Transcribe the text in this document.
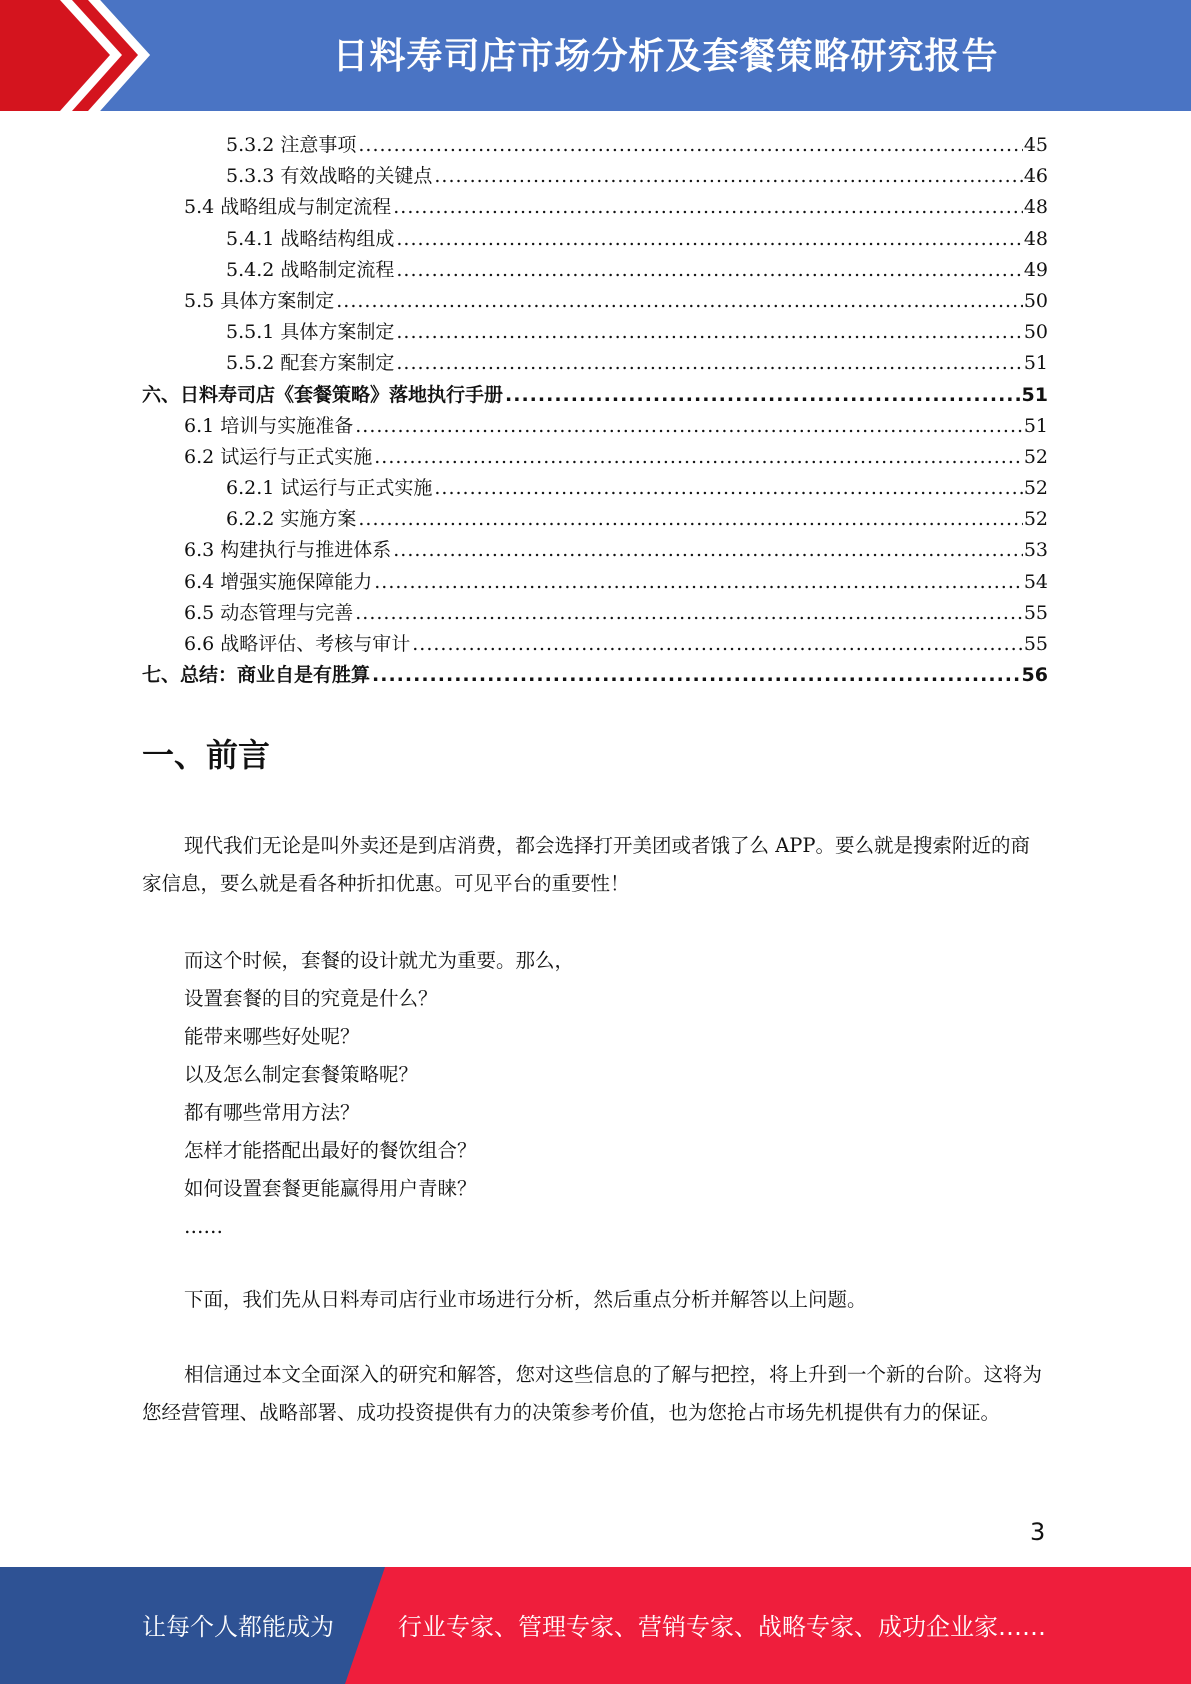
日料寿司店市场分析及套餐策略研究报告
5.3.2 注意事项 .....	45
5.3.3 有效战略的关键点 .....	46
5.4 战略组成与制定流程 .....	48
5.4.1 战略结构组成 .....	48
5.4.2 战略制定流程 .....	49
5.5 具体方案制定 .....	50
5.5.1 具体方案制定 .....	50
5.5.2 配套方案制定 .....	51
六、日料寿司店《套餐策略》落地执行手册 .....	51
6.1 培训与实施准备 .....	51
6.2 试运行与正式实施 .....	52
6.2.1 试运行与正式实施 .....	52
6.2.2 实施方案 .....	52
6.3 构建执行与推进体系 .....	53
6.4 增强实施保障能力 .....	54
6.5 动态管理与完善 .....	55
6.6 战略评估、考核与审计 .....	55
七、总结：商业自是有胜算 .....	56
一、前言
现代我们无论是叫外卖还是到店消费，都会选择打开美团或者饿了么 APP。要么就是搜索附近的商家信息，要么就是看各种折扣优惠。可见平台的重要性！
而这个时候，套餐的设计就尤为重要。那么，
设置套餐的目的究竟是什么？
能带来哪些好处呢？
以及怎么制定套餐策略呢？
都有哪些常用方法？
怎样才能搭配出最好的餐饮组合？
如何设置套餐更能赢得用户青睐？
……
下面，我们先从日料寿司店行业市场进行分析，然后重点分析并解答以上问题。
相信通过本文全面深入的研究和解答，您对这些信息的了解与把控，将上升到一个新的台阶。这将为您经营管理、战略部署、成功投资提供有力的决策参考价值，也为您抢占市场先机提供有力的保证。
3
让每个人都能成为	行业专家、管理专家、营销专家、战略专家、成功企业家……
